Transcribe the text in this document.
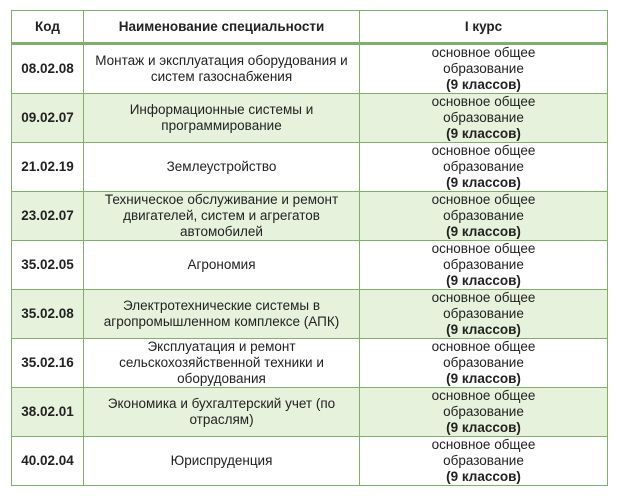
Код	Наименование специальности	I курс
08.02.08	Монтаж и эксплуатация оборудования и систем газоснабжения	основное общее
образование
(9 классов)

09.02.07	Информационные системы и программирование	основное общее
образование
(9 классов)

21.02.19	Землеустройство	основное общее
образование
(9 классов)

23.02.07	Техническое обслуживание и ремонт двигателей, систем и агрегатов автомобилей	основное общее
образование
(9 классов)

35.02.05	Агрономия	основное общее
образование
(9 классов)

35.02.08	Электротехнические системы в агропромышленном комплексе (АПК)	основное общее
образование
(9 классов)

35.02.16	Эксплуатация и ремонт сельскохозяйственной техники и оборудования	основное общее
образование
(9 классов)

38.02.01	Экономика и бухгалтерский учет (по отраслям)	основное общее
образование
(9 классов)

40.02.04	Юриспруденция	основное общее
образование
(9 классов)
